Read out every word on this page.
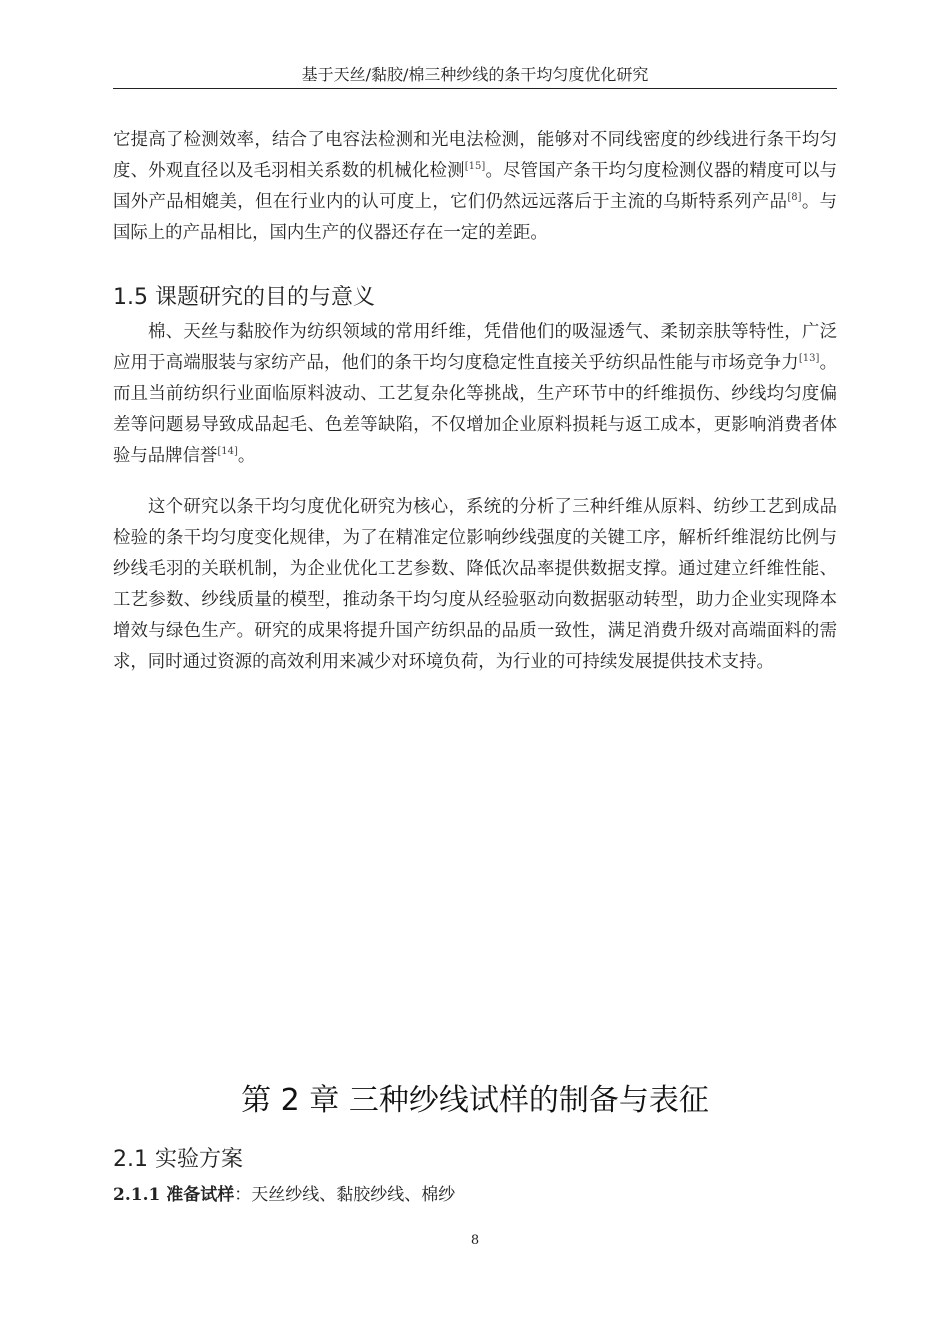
基于天丝/黏胶/棉三种纱线的条干均匀度优化研究

它提高了检测效率，结合了电容法检测和光电法检测，能够对不同线密度的纱线进行条干均匀度、外观直径以及毛羽相关系数的机械化检测[15]。尽管国产条干均匀度检测仪器的精度可以与国外产品相媲美，但在行业内的认可度上，它们仍然远远落后于主流的乌斯特系列产品[8]。与国际上的产品相比，国内生产的仪器还存在一定的差距。

1.5 课题研究的目的与意义

棉、天丝与黏胶作为纺织领域的常用纤维，凭借他们的吸湿透气、柔韧亲肤等特性，广泛应用于高端服装与家纺产品，他们的条干均匀度稳定性直接关乎纺织品性能与市场竞争力[13]。而且当前纺织行业面临原料波动、工艺复杂化等挑战，生产环节中的纤维损伤、纱线均匀度偏差等问题易导致成品起毛、色差等缺陷，不仅增加企业原料损耗与返工成本，更影响消费者体验与品牌信誉[14]。

这个研究以条干均匀度优化研究为核心，系统的分析了三种纤维从原料、纺纱工艺到成品检验的条干均匀度变化规律，为了在精准定位影响纱线强度的关键工序，解析纤维混纺比例与纱线毛羽的关联机制，为企业优化工艺参数、降低次品率提供数据支撑。通过建立纤维性能、工艺参数、纱线质量的模型，推动条干均匀度从经验驱动向数据驱动转型，助力企业实现降本增效与绿色生产。研究的成果将提升国产纺织品的品质一致性，满足消费升级对高端面料的需求，同时通过资源的高效利用来减少对环境负荷，为行业的可持续发展提供技术支持。

第 2 章 三种纱线试样的制备与表征
2.1 实验方案
2.1.1 准备试样：天丝纱线、黏胶纱线、棉纱
8
